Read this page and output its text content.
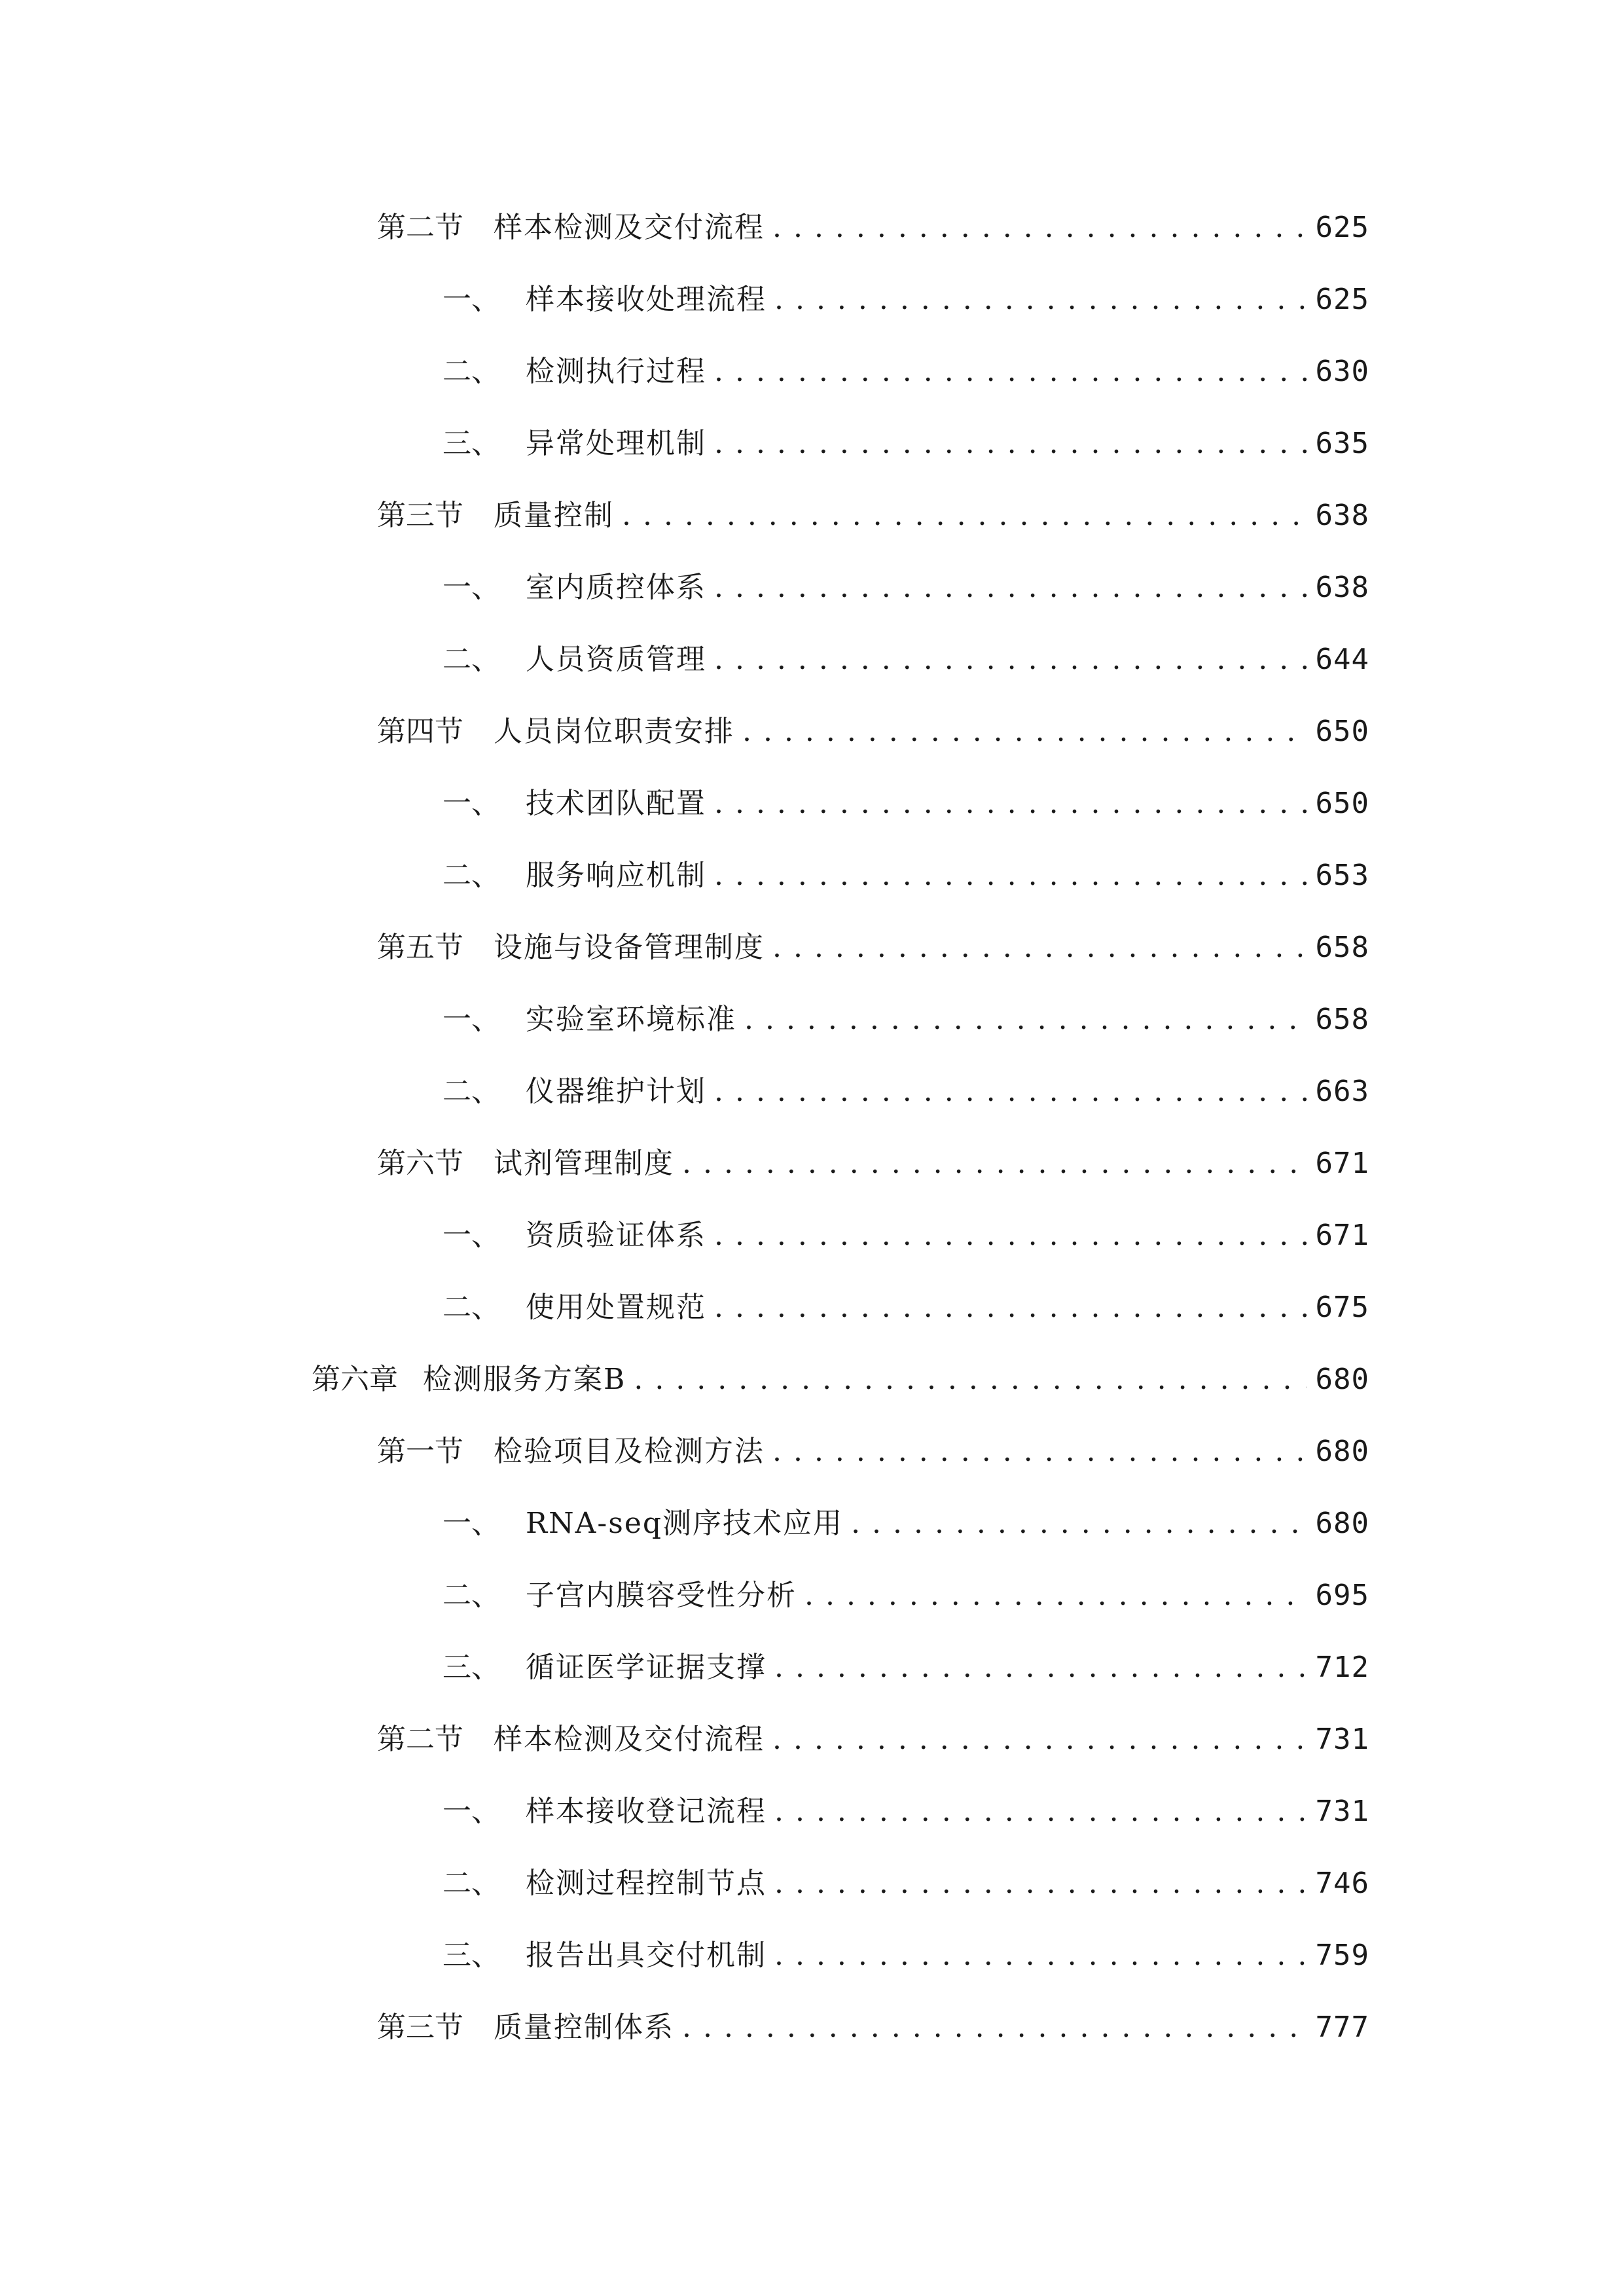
第二节	样本检测及交付流程 . . .	625
一、 样本接收处理流程 . . .	625
二、 检测执行过程 . . .	630
三、 异常处理机制 . . .	635
第三节	质量控制 . . .	638
一、 室内质控体系 . . .	638
二、 人员资质管理 . . .	644
第四节	人员岗位职责安排 . . .	650
一、 技术团队配置 . . .	650
二、 服务响应机制 . . .	653
第五节	设施与设备管理制度 . . .	658
一、 实验室环境标准 . . .	658
二、 仪器维护计划 . . .	663
第六节	试剂管理制度 . . .	671
一、 资质验证体系 . . .	671
二、 使用处置规范 . . .	675
第六章 检测服务方案B . . .	680
第一节	检验项目及检测方法 . . .	680
一、 RNA-seq测序技术应用 . . .	680
二、 子宫内膜容受性分析 . . .	695
三、 循证医学证据支撑 . . .	712
第二节	样本检测及交付流程 . . .	731
一、 样本接收登记流程 . . .	731
二、 检测过程控制节点 . . .	746
三、 报告出具交付机制 . . .	759
第三节	质量控制体系 . . .	777
